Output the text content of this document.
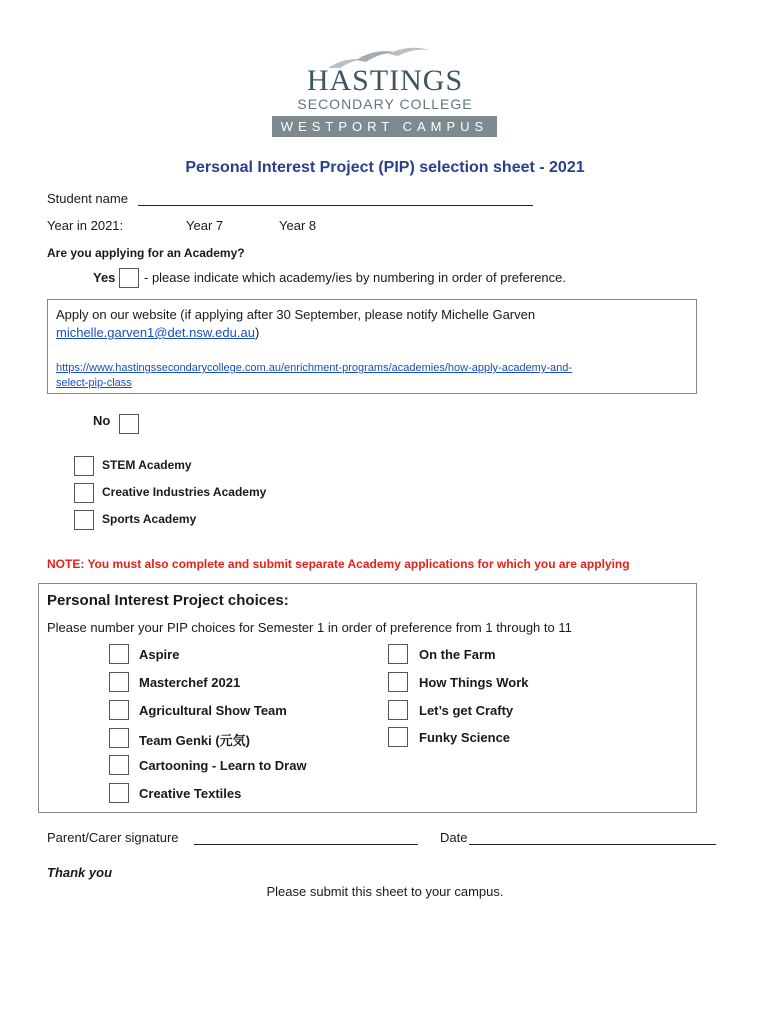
HASTINGS
SECONDARY COLLEGE
WESTPORT CAMPUS
Personal Interest Project (PIP) selection sheet - 2021
Student name
Year in 2021:	Year 7	Year 8
Are you applying for an Academy?
Yes - please indicate which academy/ies by numbering in order of preference.
Apply on our website (if applying after 30 September, please notify Michelle Garven
michelle.garven1@det.nsw.edu.au)
https://www.hastingssecondarycollege.com.au/enrichment-programs/academies/how-apply-academy-and-
select-pip-class
No
STEM Academy
Creative Industries Academy
Sports Academy
NOTE: You must also complete and submit separate Academy applications for which you are applying
Personal Interest Project choices:
Please number your PIP choices for Semester 1 in order of preference from 1 through to 11
Aspire
Masterchef 2021
Agricultural Show Team
Team Genki (元気)
Cartooning - Learn to Draw
Creative Textiles
On the Farm
How Things Work
Let’s get Crafty
Funky Science
Parent/Carer signature	Date
Thank you
Please submit this sheet to your campus.
